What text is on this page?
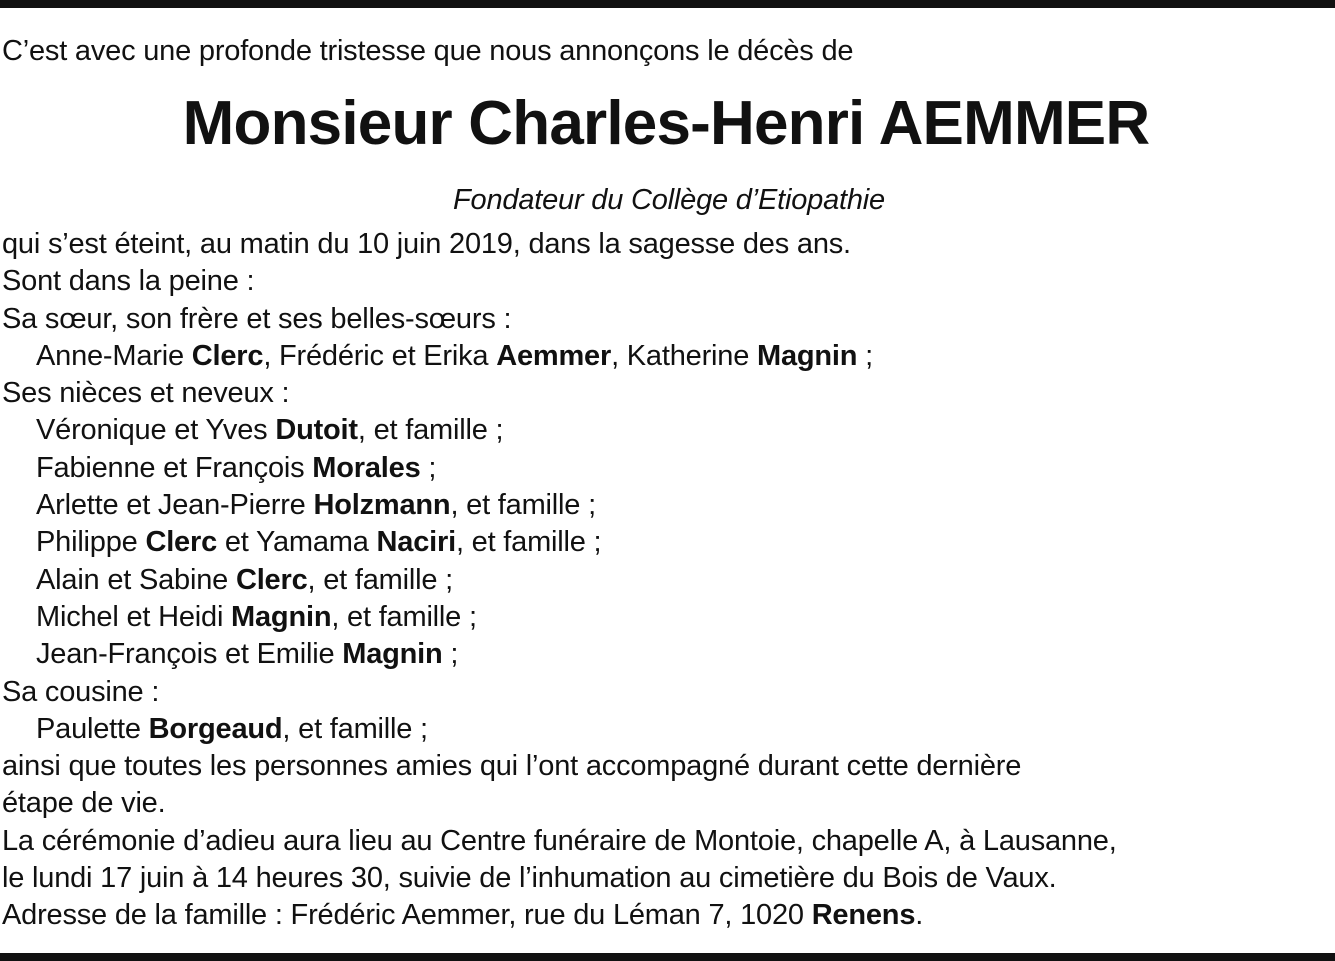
C’est avec une profonde tristesse que nous annonçons le décès de
Monsieur Charles-Henri AEMMER
Fondateur du Collège d’Etiopathie
qui s’est éteint, au matin du 10 juin 2019, dans la sagesse des ans.
Sont dans la peine :
Sa sœur, son frère et ses belles-sœurs :
Anne-Marie Clerc, Frédéric et Erika Aemmer, Katherine Magnin ;
Ses nièces et neveux :
Véronique et Yves Dutoit, et famille ;
Fabienne et François Morales ;
Arlette et Jean-Pierre Holzmann, et famille ;
Philippe Clerc et Yamama Naciri, et famille ;
Alain et Sabine Clerc, et famille ;
Michel et Heidi Magnin, et famille ;
Jean-François et Emilie Magnin ;
Sa cousine :
Paulette Borgeaud, et famille ;
ainsi que toutes les personnes amies qui l’ont accompagné durant cette dernière
étape de vie.
La cérémonie d’adieu aura lieu au Centre funéraire de Montoie, chapelle A, à Lausanne,
le lundi 17 juin à 14 heures 30, suivie de l’inhumation au cimetière du Bois de Vaux.
Adresse de la famille : Frédéric Aemmer, rue du Léman 7, 1020 Renens.
